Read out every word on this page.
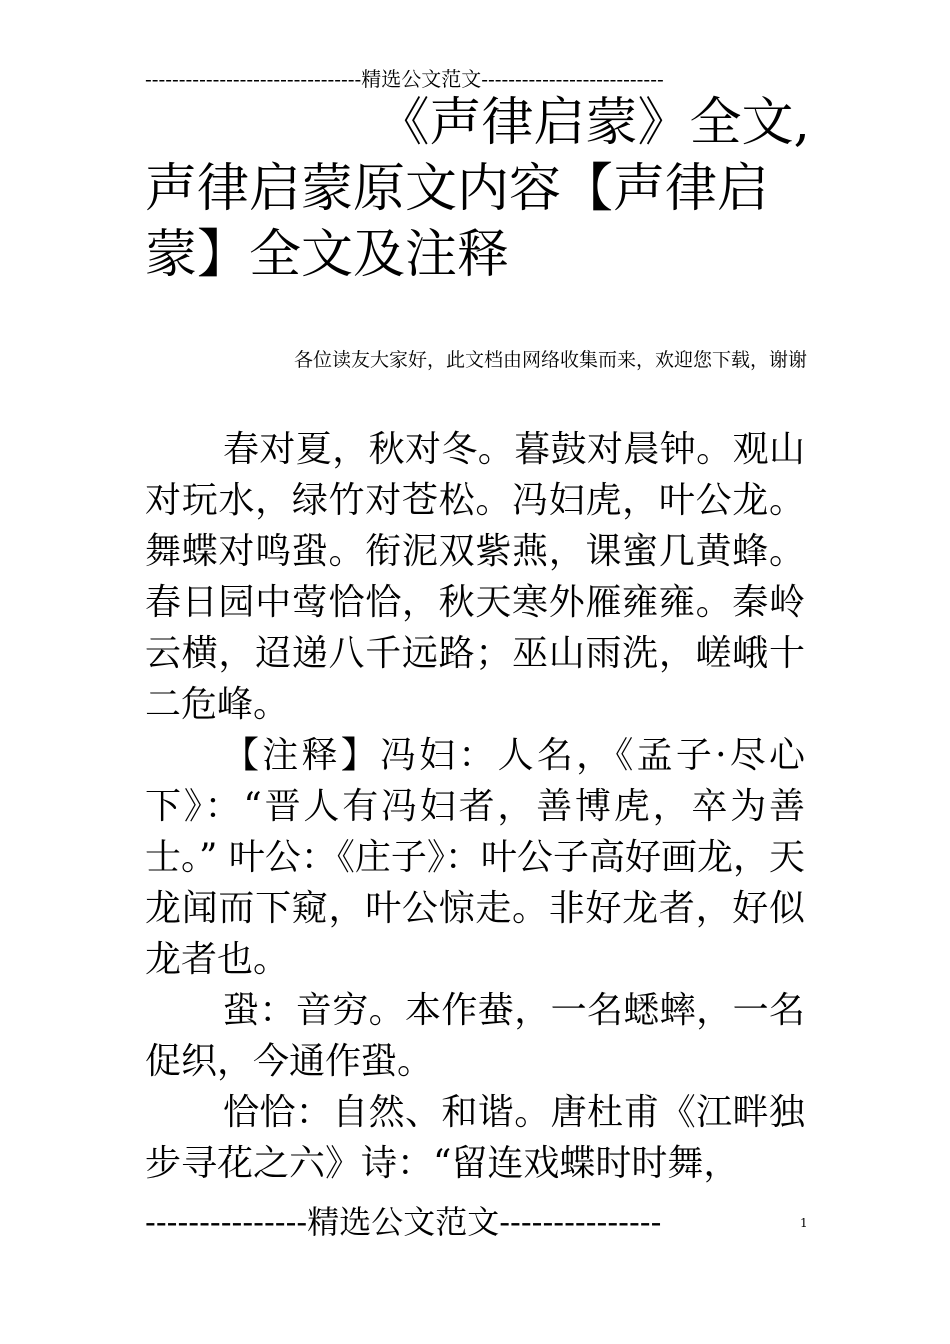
--------------------------------精选公文范文---------------------------
《声律启蒙》全文,
声律启蒙原文内容【声律启
蒙】全文及注释
各位读友大家好，此文档由网络收集而来，欢迎您下载，谢谢

春对夏，秋对冬。暮鼓对晨钟。观山对玩水，绿竹对苍松。冯妇虎，叶公龙。舞蝶对鸣蛩。衔泥双紫燕，课蜜几黄蜂。春日园中莺恰恰，秋天寒外雁雍雍。秦岭云横，迢递八千远路；巫山雨洗，嵯峨十二危峰。

【注释】冯妇：人名，《孟子·尽心下》：“晋人有冯妇者，善博虎，卒为善士。” 叶公：《庄子》：叶公子高好画龙，天龙闻而下窥，叶公惊走。非好龙者，好似龙者也。

蛩：音穷。本作蛬，一名蟋蟀，一名促织，今通作蛩。

恰恰：自然、和谐。唐杜甫《江畔独步寻花之六》诗：“留连戏蝶时时舞，

---------------精选公文范文---------------	1
